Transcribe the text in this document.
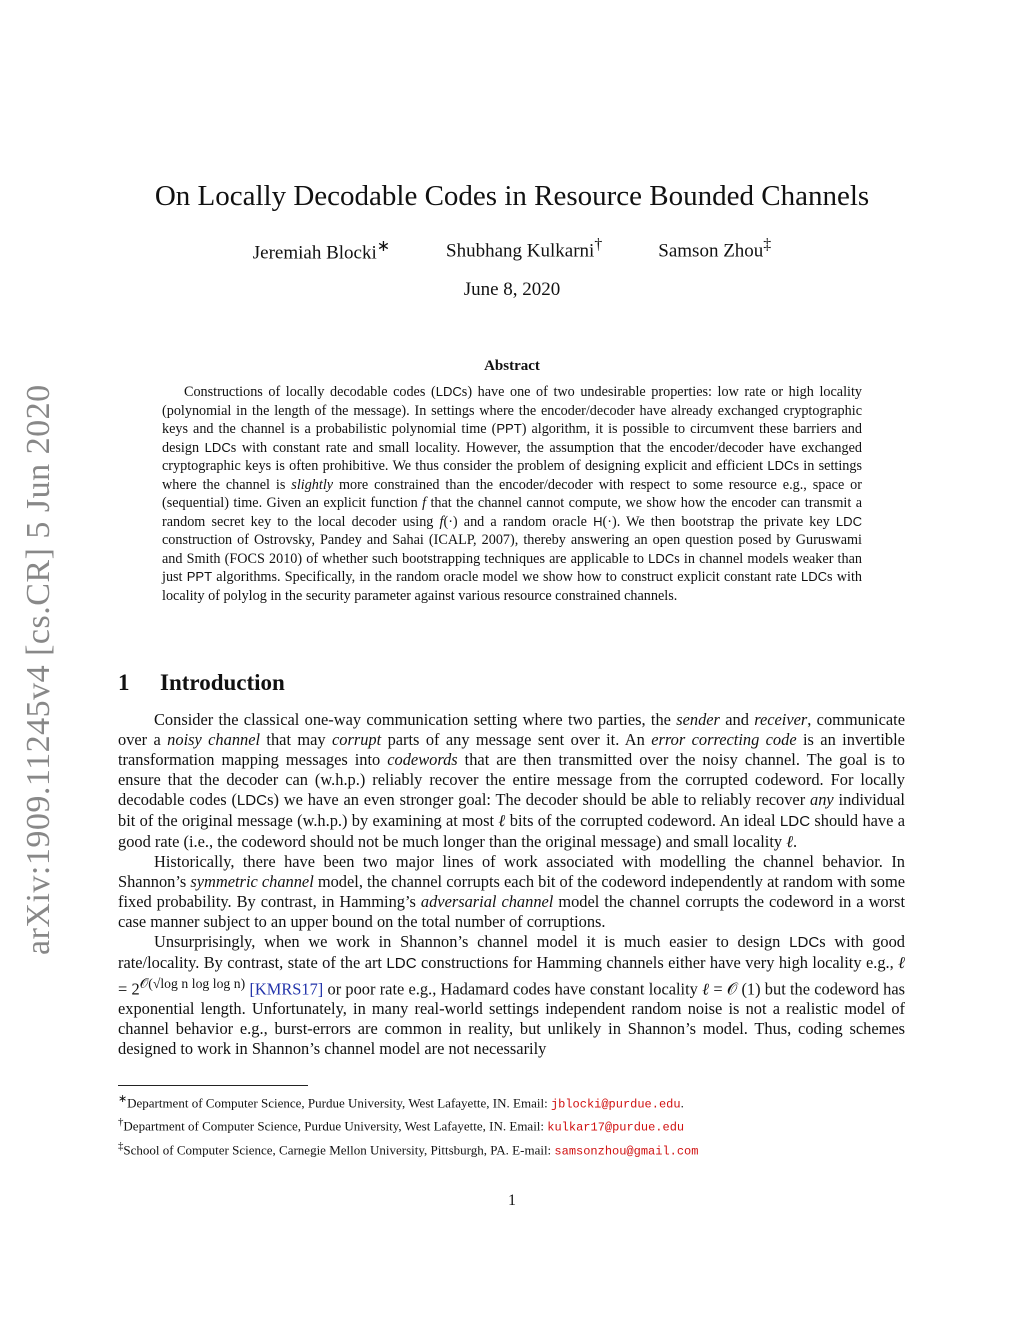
arXiv:1909.11245v4 [cs.CR] 5 Jun 2020
On Locally Decodable Codes in Resource Bounded Channels
Jeremiah Blocki∗	Shubhang Kulkarni†	Samson Zhou‡
June 8, 2020
Abstract

Constructions of locally decodable codes (LDCs) have one of two undesirable properties: low rate or high locality (polynomial in the length of the message). In settings where the encoder/decoder have already exchanged cryptographic keys and the channel is a probabilistic polynomial time (PPT) algorithm, it is possible to circumvent these barriers and design LDCs with constant rate and small locality. However, the assumption that the encoder/decoder have exchanged cryptographic keys is often prohibitive. We thus consider the problem of designing explicit and efficient LDCs in settings where the channel is slightly more constrained than the encoder/decoder with respect to some resource e.g., space or (sequential) time. Given an explicit function f that the channel cannot compute, we show how the encoder can transmit a random secret key to the local decoder using f(·) and a random oracle H(·). We then bootstrap the private key LDC construction of Ostrovsky, Pandey and Sahai (ICALP, 2007), thereby answering an open question posed by Guruswami and Smith (FOCS 2010) of whether such bootstrapping techniques are applicable to LDCs in channel models weaker than just PPT algorithms. Specifically, in the random oracle model we show how to construct explicit constant rate LDCs with locality of polylog in the security parameter against various resource constrained channels.

1 Introduction

Consider the classical one-way communication setting where two parties, the sender and receiver, communicate over a noisy channel that may corrupt parts of any message sent over it. An error correcting code is an invertible transformation mapping messages into codewords that are then transmitted over the noisy channel. The goal is to ensure that the decoder can (w.h.p.) reliably recover the entire message from the corrupted codeword. For locally decodable codes (LDCs) we have an even stronger goal: The decoder should be able to reliably recover any individual bit of the original message (w.h.p.) by examining at most ℓ bits of the corrupted codeword. An ideal LDC should have a good rate (i.e., the codeword should not be much longer than the original message) and small locality ℓ.

Historically, there have been two major lines of work associated with modelling the channel behavior. In Shannon’s symmetric channel model, the channel corrupts each bit of the codeword independently at random with some fixed probability. By contrast, in Hamming’s adversarial channel model the channel corrupts the codeword in a worst case manner subject to an upper bound on the total number of corruptions.

Unsurprisingly, when we work in Shannon’s channel model it is much easier to design LDCs with good rate/locality. By contrast, state of the art LDC constructions for Hamming channels either have very high locality e.g., ℓ = $2^{𝒪(√log n log log n)}$ [KMRS17] or poor rate e.g., Hadamard codes have constant locality ℓ = 𝒪 (1) but the codeword has exponential length. Unfortunately, in many real-world settings independent random noise is not a realistic model of channel behavior e.g., burst-errors are common in reality, but unlikely in Shannon’s model. Thus, coding schemes designed to work in Shannon’s channel model are not necessarily

∗Department of Computer Science, Purdue University, West Lafayette, IN. Email: jblocki@purdue.edu.
†Department of Computer Science, Purdue University, West Lafayette, IN. Email: kulkar17@purdue.edu
‡School of Computer Science, Carnegie Mellon University, Pittsburgh, PA. E-mail: samsonzhou@gmail.com
1
